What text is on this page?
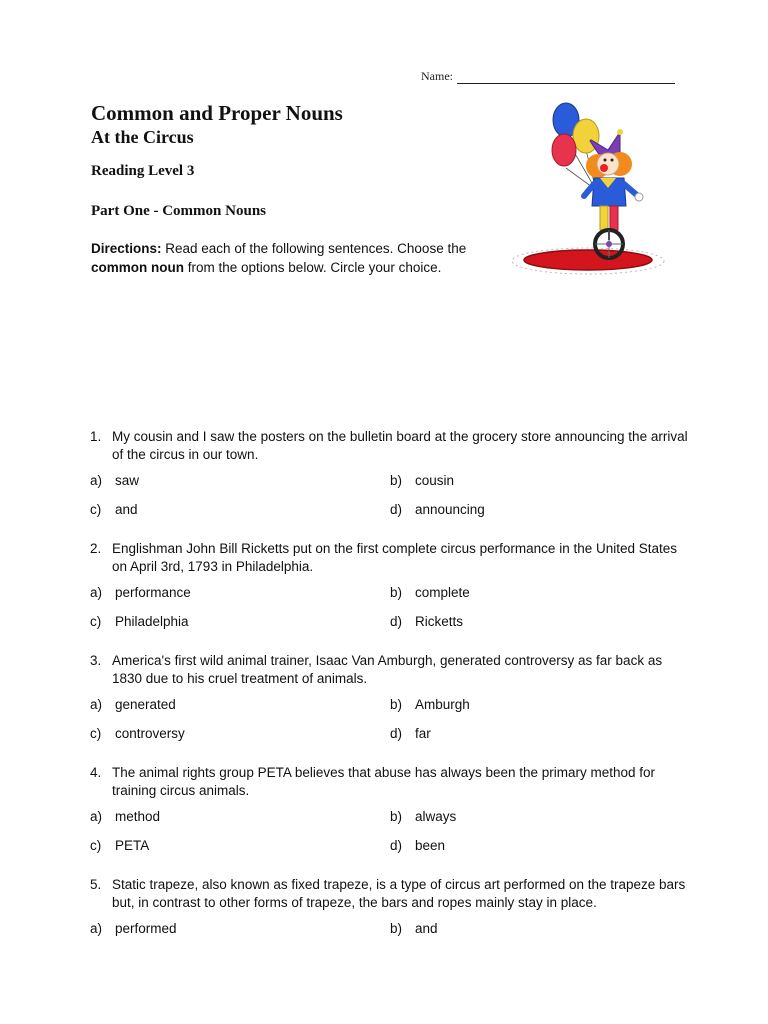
Name:
Common and Proper Nouns
At the Circus
Reading Level 3
Part One - Common Nouns
Directions: Read each of the following sentences. Choose the common noun from the options below. Circle your choice.
1. My cousin and I saw the posters on the bulletin board at the grocery store announcing the arrival of the circus in our town.
a) saw	b) cousin
c)	and	d) announcing
2. Englishman John Bill Ricketts put on the first complete circus performance in the United States on April 3rd, 1793 in Philadelphia.
a) performance	b) complete
c)	Philadelphia	d) Ricketts
3. America's first wild animal trainer, Isaac Van Amburgh, generated controversy as far back as 1830 due to his cruel treatment of animals.
a) generated	b) Amburgh
c)	controversy	d) far
4. The animal rights group PETA believes that abuse has always been the primary method for training circus animals.
a) method	b) always
c)	PETA	d) been
5. Static trapeze, also known as fixed trapeze, is a type of circus art performed on the trapeze bars but, in contrast to other forms of trapeze, the bars and ropes mainly stay in place.
a) performed	b) and
